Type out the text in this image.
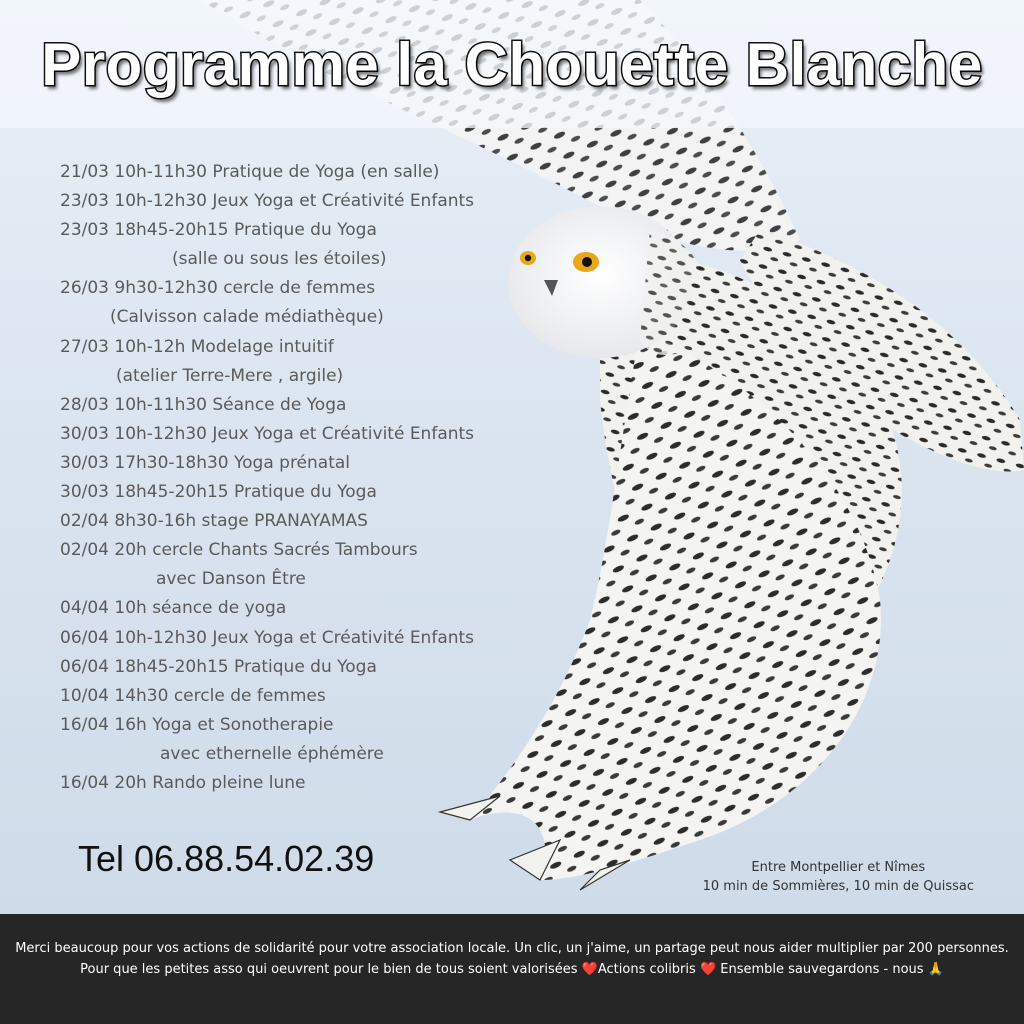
Programme la Chouette Blanche
21/03 10h-11h30 Pratique de Yoga (en salle)
23/03 10h-12h30 Jeux Yoga et Créativité Enfants
23/03 18h45-20h15 Pratique du Yoga
(salle ou sous les étoiles)
26/03 9h30-12h30 cercle de femmes
(Calvisson calade médiathèque)
27/03 10h-12h Modelage intuitif
(atelier Terre-Mere , argile)
28/03 10h-11h30 Séance de Yoga
30/03 10h-12h30 Jeux Yoga et Créativité Enfants
30/03 17h30-18h30 Yoga prénatal
30/03 18h45-20h15 Pratique du Yoga
02/04 8h30-16h stage PRANAYAMAS
02/04 20h cercle Chants Sacrés Tambours
avec Danson Être
04/04 10h séance de yoga
06/04 10h-12h30 Jeux Yoga et Créativité Enfants
06/04 18h45-20h15 Pratique du Yoga
10/04 14h30 cercle de femmes
16/04 16h Yoga et Sonotherapie
avec ethernelle éphémère
16/04 20h Rando pleine lune
Tel 06.88.54.02.39	Entre Montpellier et Nîmes
10 min de Sommières, 10 min de Quissac
Merci beaucoup pour vos actions de solidarité pour votre association locale. Un clic, un j'aime, un partage peut nous aider multiplier par 200 personnes.
Pour que les petites asso qui oeuvrent pour le bien de tous soient valorisées ❤️Actions colibris ❤️ Ensemble sauvegardons - nous 🙏
